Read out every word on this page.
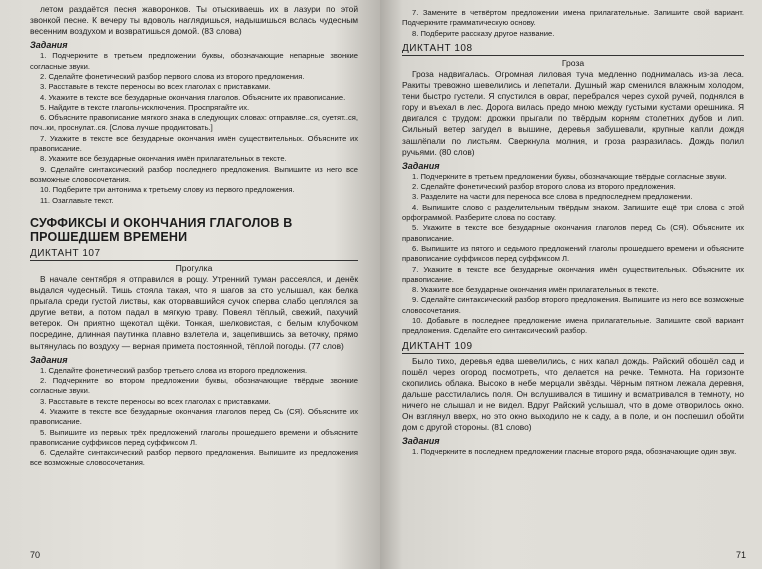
летом раздаётся песня жаворонков. Ты отыскиваешь их в лазури по этой звонкой песне. К вечеру ты вдоволь наглядишься, надышишься вслась чудесным весенним воздухом и возвратишься домой. (83 слова)

Задания
1. Подчеркните в третьем предложении буквы, обозначающие непарные звонкие согласные звуки.
2. Сделайте фонетический разбор первого слова из второго предложения.
3. Расставьте в тексте переносы во всех глаголах с приставками.
4. Укажите в тексте все безударные окончания глаголов. Объясните их правописание.
5. Найдите в тексте глаголы-исключения. Проспрягайте их.
6. Объясните правописание мягкого знака в следующих словах: отправляе..ся, суетят..ся, поч..ки, проснулат..ся. [Слова лучше продиктовать.]
7. Укажите в тексте все безударные окончания имён существительных. Объясните их правописание.
8. Укажите все безударные окончания имён прилагательных в тексте.
9. Сделайте синтаксический разбор последнего предложения. Выпишите из него все возможные словосочетания.
10. Подберите три антонима к третьему слову из первого предложения.
11. Озаглавьте текст.
СУФФИКСЫ И ОКОНЧАНИЯ ГЛАГОЛОВ В ПРОШЕДШЕМ ВРЕМЕНИ
ДИКТАНТ 107
Прогулка

В начале сентября я отправился в рощу. Утренний туман рассеялся, и денёк выдался чудесный. Тишь стояла такая, что я шагов за сто услышал, как белка прыгала среди густой листвы, как оторвавшийся сучок сперва слабо цеплялся за другие ветви, а потом падал в мягкую траву. Повеял тёплый, свежий, пахучий ветерок. Он приятно щекотал щёки. Тонкая, шелковистая, с белым клубочком посредине, длинная паутинка плавно взлетела и, зацепившись за веточку, прямо вытянулась по воздуху — верная примета постоянной, тёплой погоды. (77 слов)

Задания
1. Сделайте фонетический разбор третьего слова из второго предложения.
2. Подчеркните во втором предложении буквы, обозначающие твёрдые звонкие согласные звуки.
3. Расставьте в тексте переносы во всех глаголах с приставками.
4. Укажите в тексте все безударные окончания глаголов перед Сь (СЯ). Объясните их правописание.
5. Выпишите из первых трёх предложений глаголы прошедшего времени и объясните правописание суффиксов перед суффиксом Л.
6. Сделайте синтаксический разбор первого предложения. Выпишите из предложения все возможные словосочетания.
70
7. Замените в четвёртом предложении имена прилагательные. Запишите свой вариант. Подчеркните грамматическую основу.
8. Подберите рассказу другое название.
ДИКТАНТ 108
Гроза

Гроза надвигалась. Огромная лиловая туча медленно поднималась из-за леса. Ракиты тревожно шевелились и лепетали. Душный жар сменился влажным холодом, тени быстро густели. Я спустился в овраг, перебрался через сухой ручей, поднялся в гору и въехал в лес. Дорога вилась предо мною между густыми кустами орешника. Я двигался с трудом: дрожки прыгали по твёрдым корням столетних дубов и лип. Сильный ветер загудел в вышине, деревья забушевали, крупные капли дождя зашлёпали по листьям. Сверкнула молния, и гроза разразилась. Дождь полил ручьями. (80 слов)

Задания
1. Подчеркните в третьем предложении буквы, обозначающие твёрдые согласные звуки.
2. Сделайте фонетический разбор второго слова из второго предложения.
3. Разделите на части для переноса все слова в предпоследнем предложении.
4. Выпишите слово с разделительным твёрдым знаком. Запишите ещё три слова с этой орфограммой. Разберите слова по составу.
5. Укажите в тексте все безударные окончания глаголов перед Сь (СЯ). Объясните их правописание.
6. Выпишите из пятого и седьмого предложений глаголы прошедшего времени и объясните правописание суффиксов перед суффиксом Л.
7. Укажите в тексте все безударные окончания имён существительных. Объясните их правописание.
8. Укажите все безударные окончания имён прилагательных в тексте.
9. Сделайте синтаксический разбор второго предложения. Выпишите из него все возможные словосочетания.
10. Добавьте в последнее предложение имена прилагательные. Запишите свой вариант предложения. Сделайте его синтаксический разбор.
ДИКТАНТ 109

Было тихо, деревья едва шевелились, с них капал дождь. Райский обошёл сад и пошёл через огород посмотреть, что делается на речке. Темнота. На горизонте скопились облака. Высоко в небе мерцали звёзды. Чёрным пятном лежала деревня, дальше расстилались поля. Он вслушивался в тишину и всматривался в темноту, но ничего не слышал и не видел. Вдруг Райский услышал, что в доме отворилось окно. Он взглянул вверх, но это окно выходило не к саду, а в поле, и он поспешил обойти дом с другой стороны. (81 слово)

Задания
1. Подчеркните в последнем предложении гласные второго ряда, обозначающие один звук.
71
